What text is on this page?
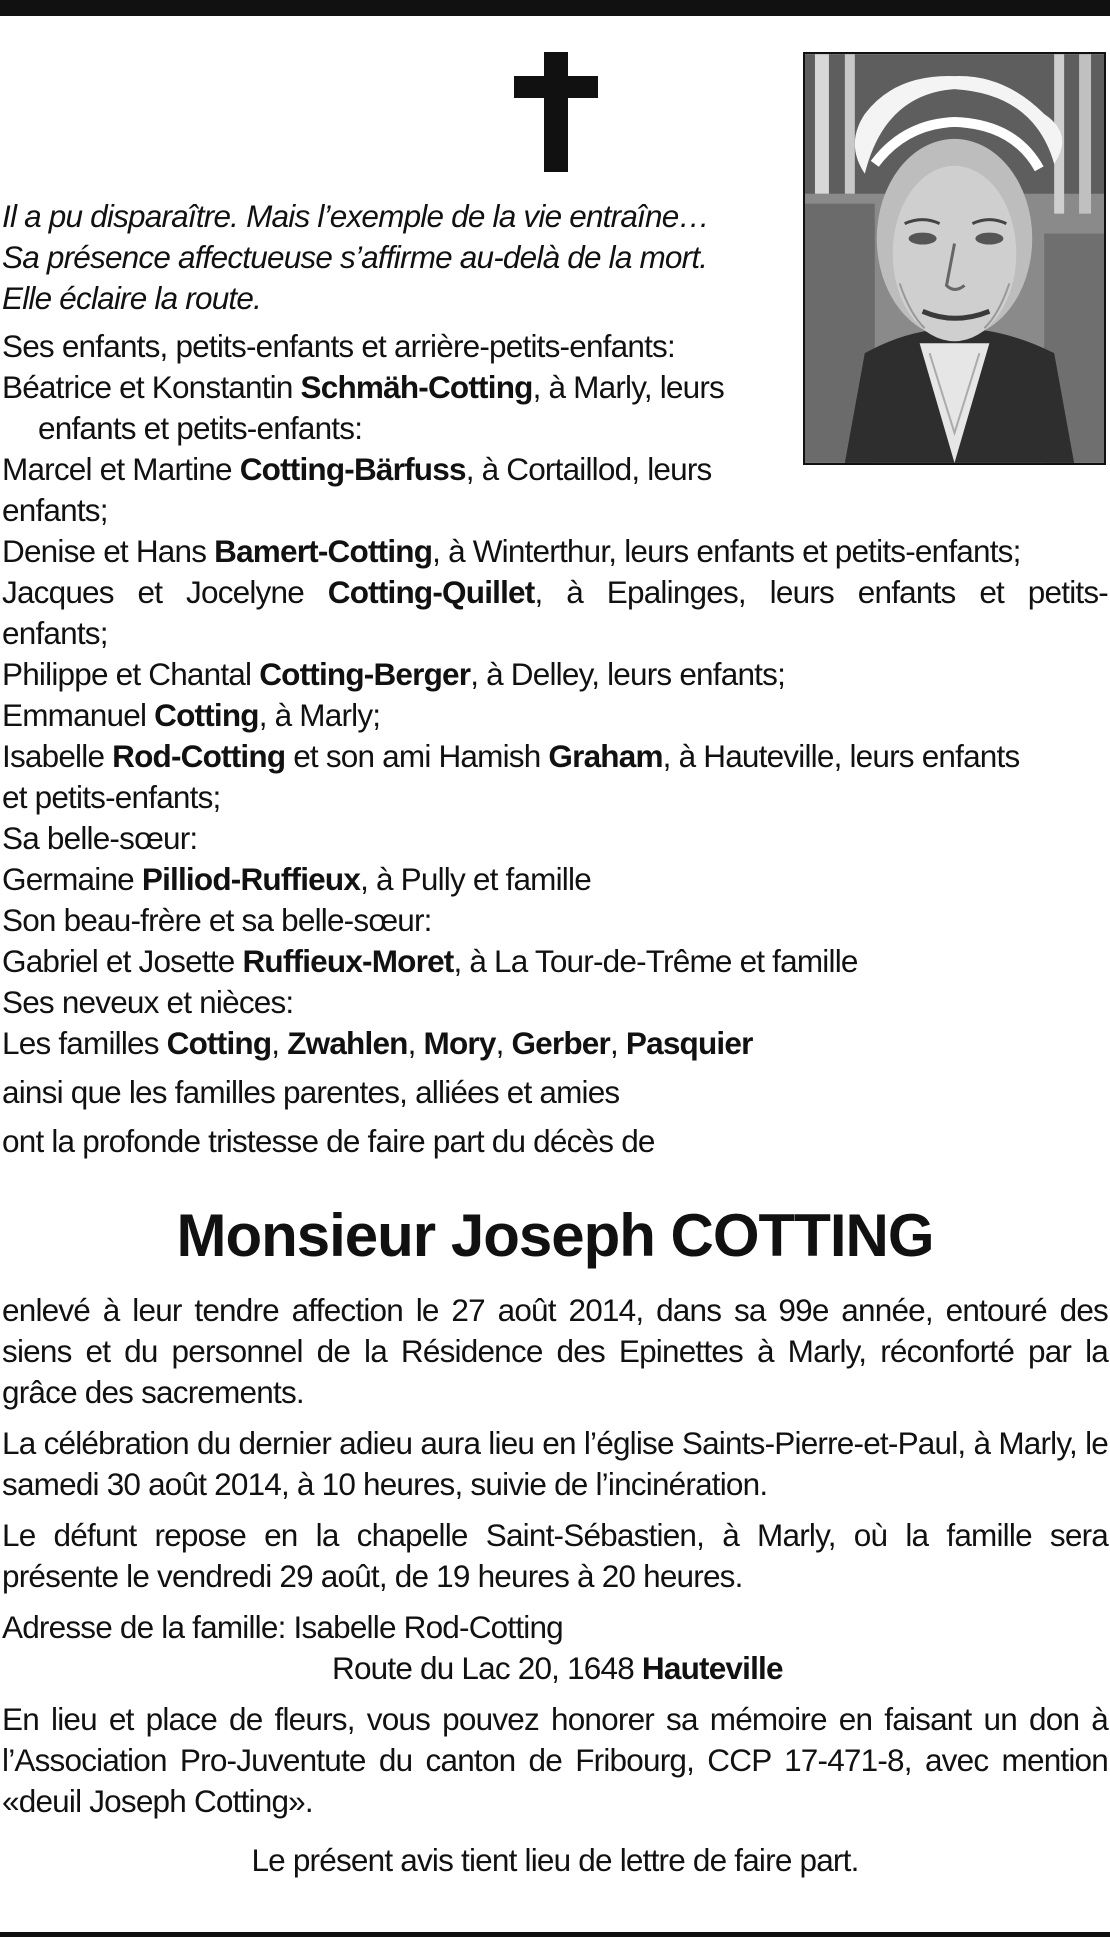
Il a pu disparaître. Mais l’exemple de la vie entraîne…
Sa présence affectueuse s’affirme au-delà de la mort.
Elle éclaire la route.
Ses enfants, petits-enfants et arrière-petits-enfants:
Béatrice et Konstantin Schmäh-Cotting, à Marly, leurs
enfants et petits-enfants:
Marcel et Martine Cotting-Bärfuss, à Cortaillod, leurs
enfants;
Denise et Hans Bamert-Cotting, à Winterthur, leurs enfants et petits-enfants;
Jacques et Jocelyne Cotting-Quillet, à Epalinges, leurs enfants et petits-
enfants;
Philippe et Chantal Cotting-Berger, à Delley, leurs enfants;
Emmanuel Cotting, à Marly;
Isabelle Rod-Cotting et son ami Hamish Graham, à Hauteville, leurs enfants
et petits-enfants;
Sa belle-sœur:
Germaine Pilliod-Ruffieux, à Pully et famille
Son beau-frère et sa belle-sœur:
Gabriel et Josette Ruffieux-Moret, à La Tour-de-Trême et famille
Ses neveux et nièces:
Les familles Cotting, Zwahlen, Mory, Gerber, Pasquier
ainsi que les familles parentes, alliées et amies
ont la profonde tristesse de faire part du décès de
Monsieur Joseph COTTING

enlevé à leur tendre affection le 27 août 2014, dans sa 99e année, entouré des siens et du personnel de la Résidence des Epinettes à Marly, réconforté par la grâce des sacrements.

La célébration du dernier adieu aura lieu en l’église Saints-Pierre-et-Paul, à Marly, le samedi 30 août 2014, à 10 heures, suivie de l’incinération.

Le défunt repose en la chapelle Saint-Sébastien, à Marly, où la famille sera présente le vendredi 29 août, de 19 heures à 20 heures.

Adresse de la famille: Isabelle Rod-Cotting
Route du Lac 20, 1648 Hauteville

En lieu et place de fleurs, vous pouvez honorer sa mémoire en faisant un don à l’Association Pro-Juventute du canton de Fribourg, CCP 17-471-8, avec mention «deuil Joseph Cotting».

Le présent avis tient lieu de lettre de faire part.
